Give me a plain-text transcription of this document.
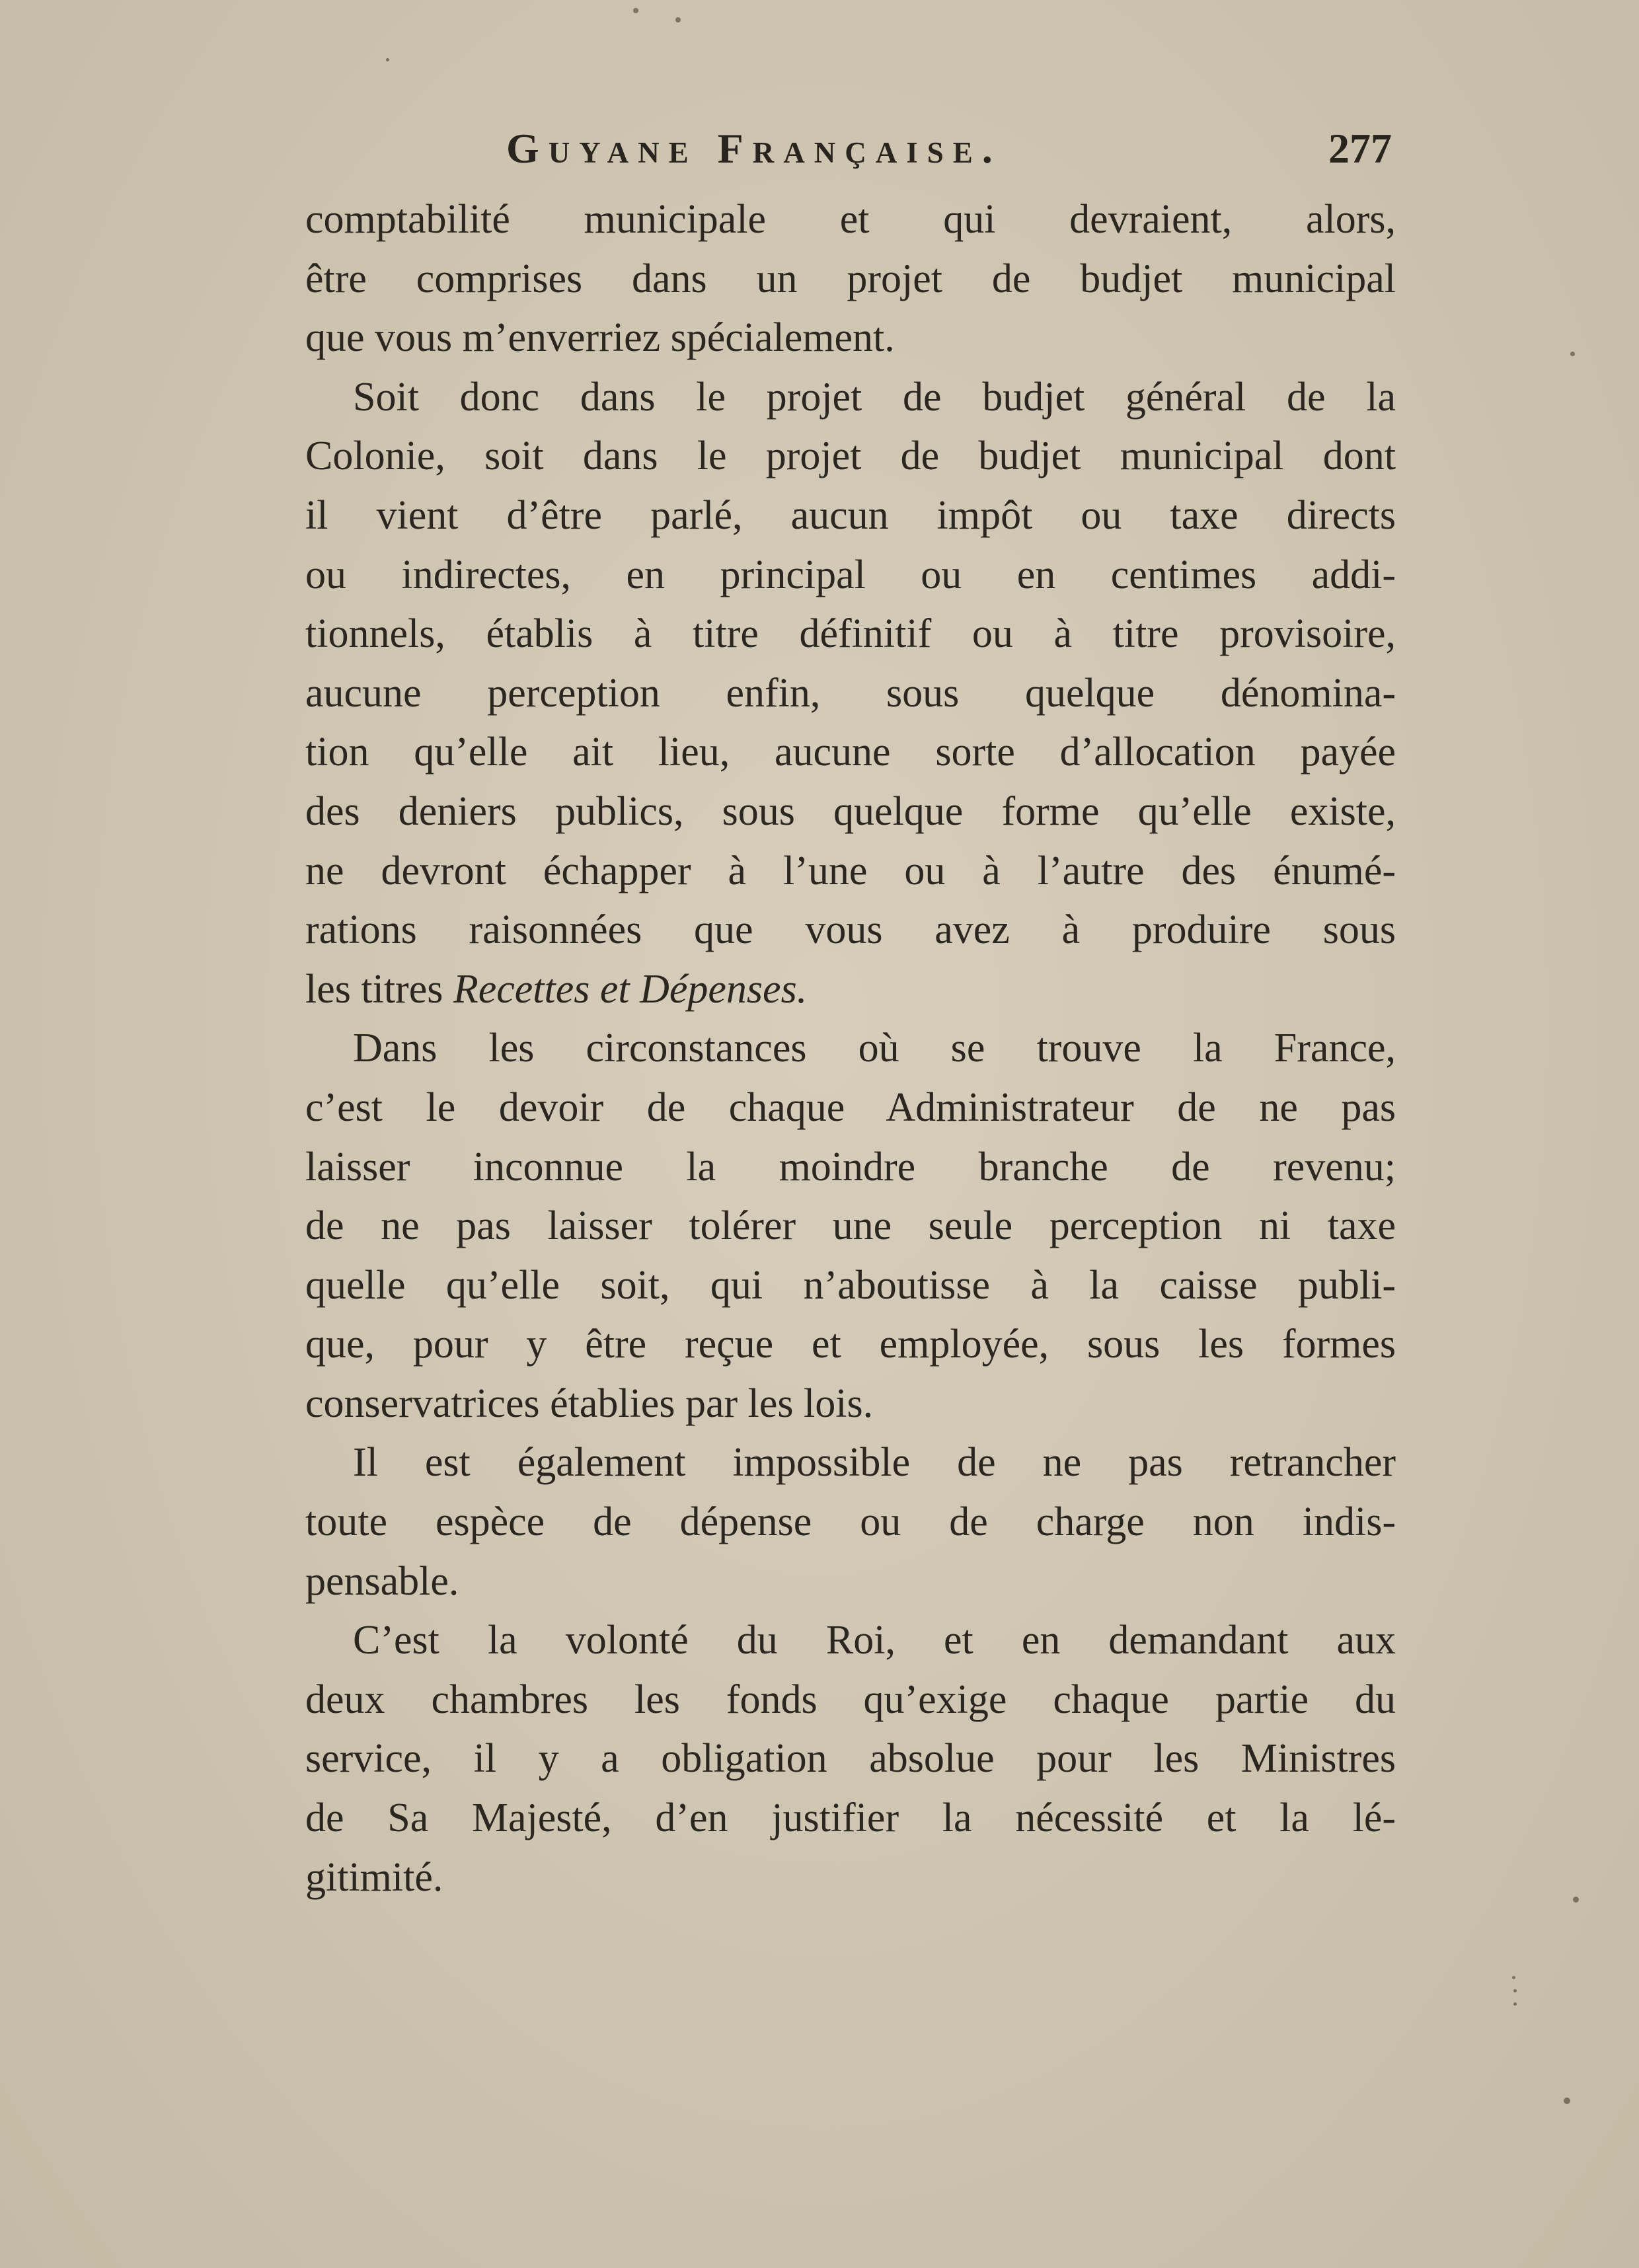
Guyane Française.	277
comptabilité municipale et qui devraient, alors,
être comprises dans un projet de budjet municipal
que vous m’enverriez spécialement.
Soit donc dans le projet de budjet général de la
Colonie, soit dans le projet de budjet municipal dont
il vient d’être parlé, aucun impôt ou taxe directs
ou indirectes, en principal ou en centimes addi-
tionnels, établis à titre définitif ou à titre provisoire,
aucune perception enfin, sous quelque dénomina-
tion qu’elle ait lieu, aucune sorte d’allocation payée
des deniers publics, sous quelque forme qu’elle existe,
ne devront échapper à l’une ou à l’autre des énumé-
rations raisonnées que vous avez à produire sous
les titres Recettes et Dépenses.
Dans les circonstances où se trouve la France,
c’est le devoir de chaque Administrateur de ne pas
laisser inconnue la moindre branche de revenu;
de ne pas laisser tolérer une seule perception ni taxe
quelle qu’elle soit, qui n’aboutisse à la caisse publi-
que, pour y être reçue et employée, sous les formes
conservatrices établies par les lois.
Il est également impossible de ne pas retrancher
toute espèce de dépense ou de charge non indis-
pensable.
C’est la volonté du Roi, et en demandant aux
deux chambres les fonds qu’exige chaque partie du
service, il y a obligation absolue pour les Ministres
de Sa Majesté, d’en justifier la nécessité et la lé-
gitimité.
